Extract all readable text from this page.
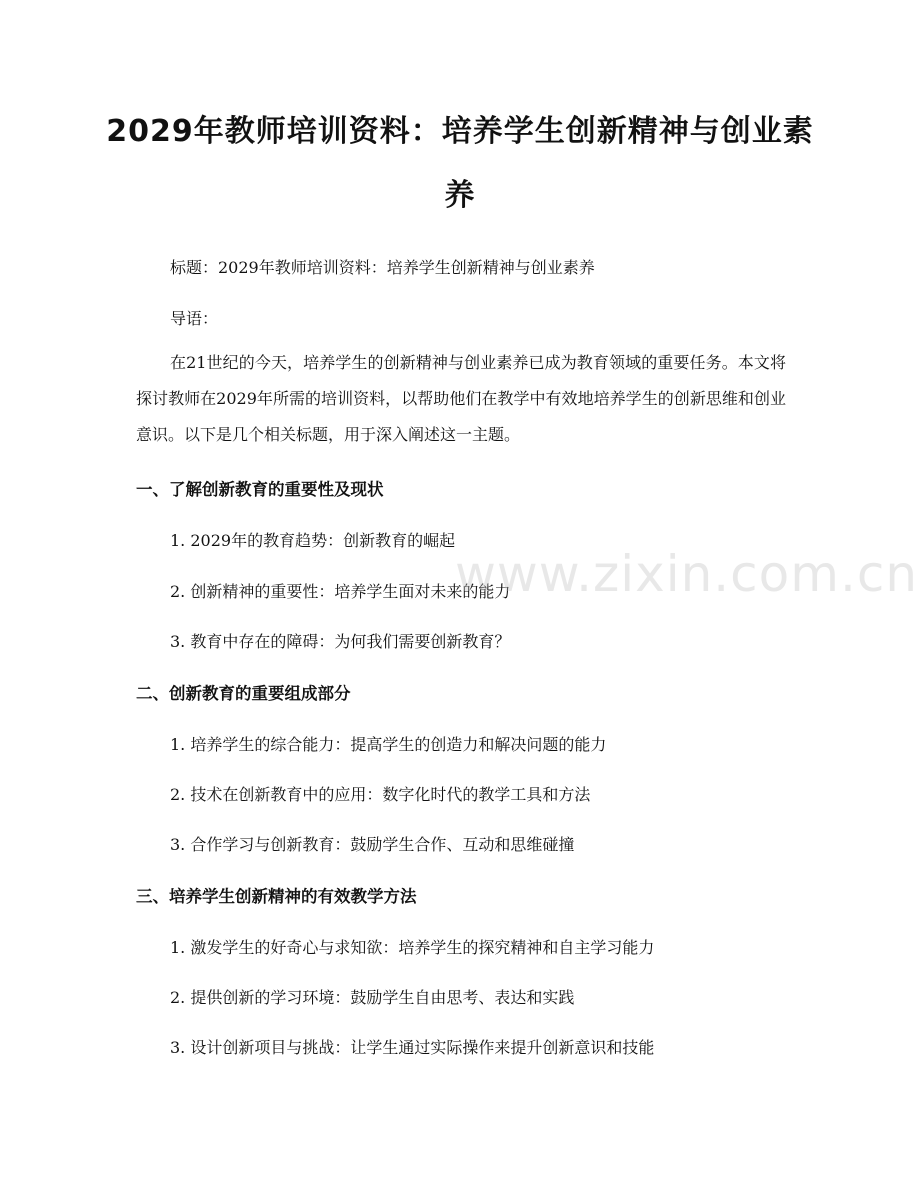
2029年教师培训资料：培养学生创新精神与创业素养

标题：2029年教师培训资料：培养学生创新精神与创业素养

导语：

在21世纪的今天，培养学生的创新精神与创业素养已成为教育领域的重要任务。本文将探讨教师在2029年所需的培训资料，以帮助他们在教学中有效地培养学生的创新思维和创业意识。以下是几个相关标题，用于深入阐述这一主题。

一、了解创新教育的重要性及现状

1. 2029年的教育趋势：创新教育的崛起

2. 创新精神的重要性：培养学生面对未来的能力

3. 教育中存在的障碍：为何我们需要创新教育？

二、创新教育的重要组成部分

1. 培养学生的综合能力：提高学生的创造力和解决问题的能力

2. 技术在创新教育中的应用：数字化时代的教学工具和方法

3. 合作学习与创新教育：鼓励学生合作、互动和思维碰撞

三、培养学生创新精神的有效教学方法

1. 激发学生的好奇心与求知欲：培养学生的探究精神和自主学习能力

2. 提供创新的学习环境：鼓励学生自由思考、表达和实践

3. 设计创新项目与挑战：让学生通过实际操作来提升创新意识和技能

www.zixin.com.cn
